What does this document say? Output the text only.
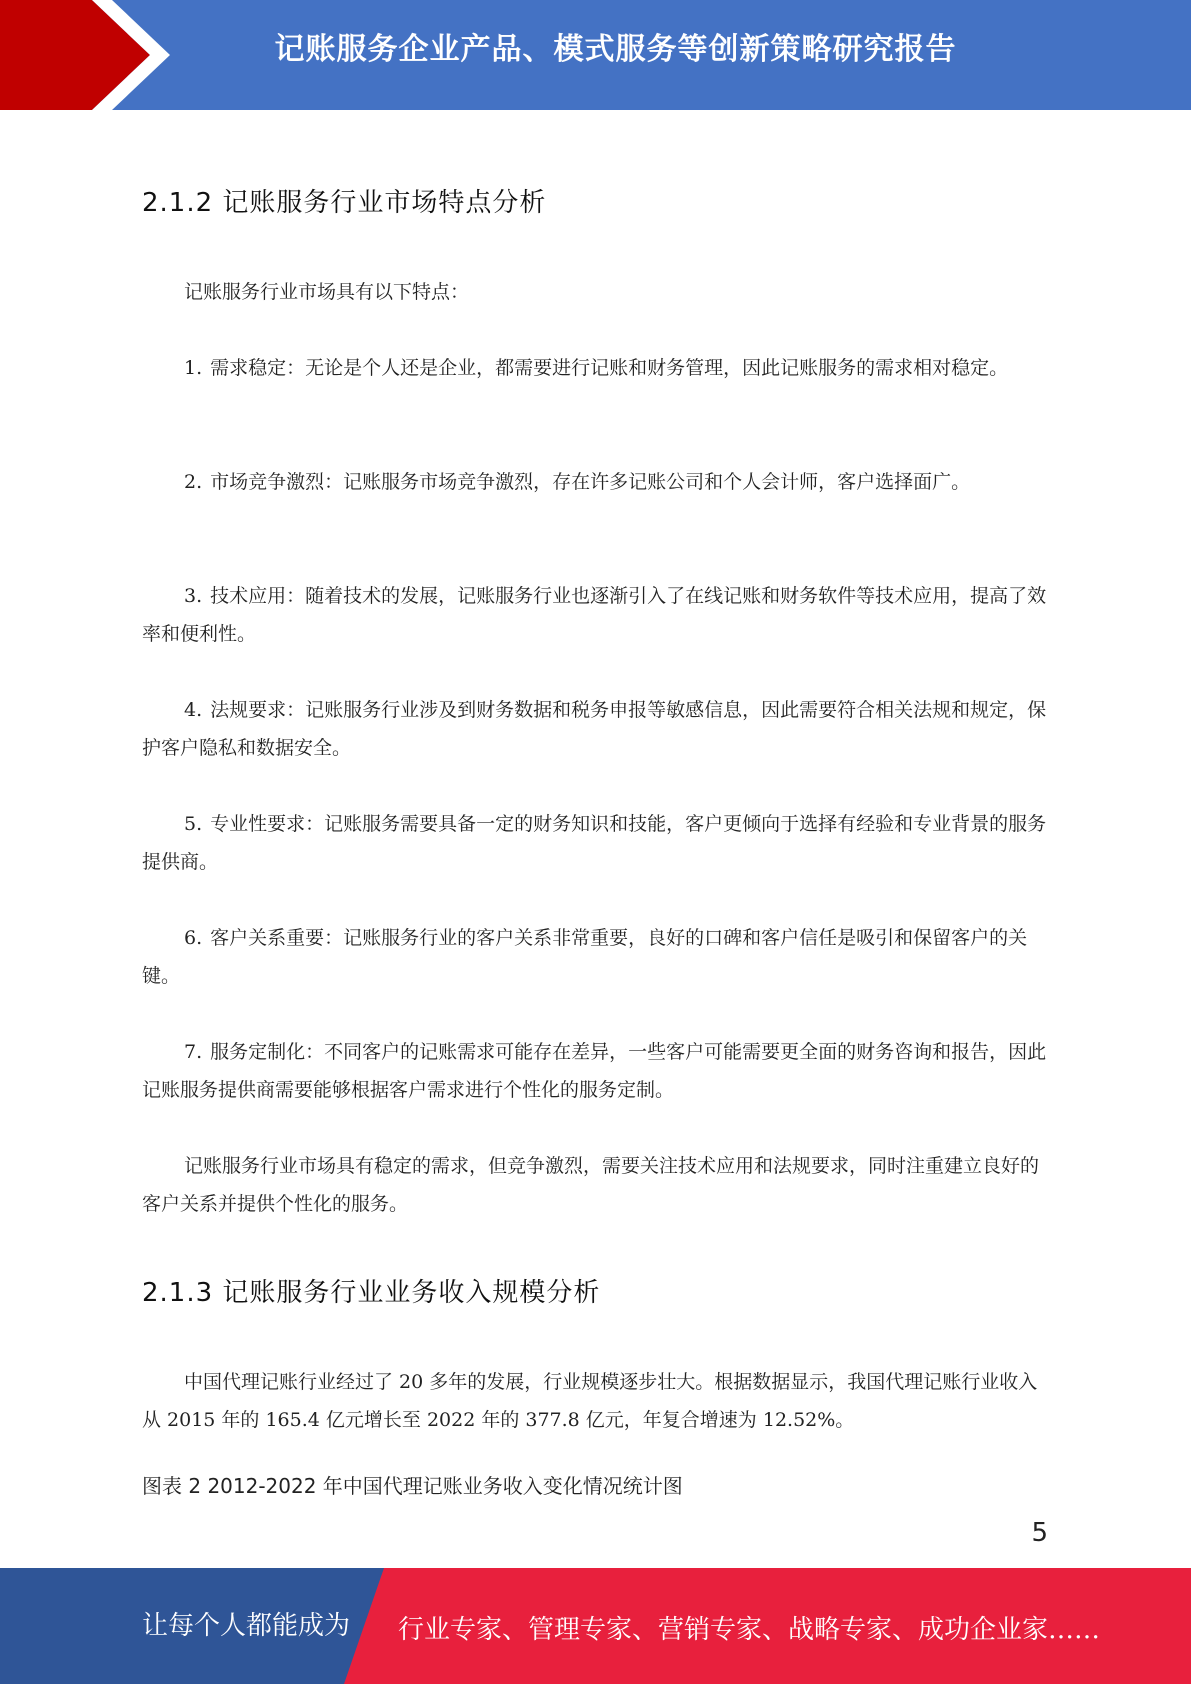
记账服务企业产品、模式服务等创新策略研究报告
2.1.2 记账服务行业市场特点分析

记账服务行业市场具有以下特点：

1. 需求稳定：无论是个人还是企业，都需要进行记账和财务管理，因此记账服务的需求相对稳定。

2. 市场竞争激烈：记账服务市场竞争激烈，存在许多记账公司和个人会计师，客户选择面广。

3. 技术应用：随着技术的发展，记账服务行业也逐渐引入了在线记账和财务软件等技术应用，提高了效率和便利性。

4. 法规要求：记账服务行业涉及到财务数据和税务申报等敏感信息，因此需要符合相关法规和规定，保护客户隐私和数据安全。

5. 专业性要求：记账服务需要具备一定的财务知识和技能，客户更倾向于选择有经验和专业背景的服务提供商。

6. 客户关系重要：记账服务行业的客户关系非常重要，良好的口碑和客户信任是吸引和保留客户的关键。

7. 服务定制化：不同客户的记账需求可能存在差异，一些客户可能需要更全面的财务咨询和报告，因此记账服务提供商需要能够根据客户需求进行个性化的服务定制。

记账服务行业市场具有稳定的需求，但竞争激烈，需要关注技术应用和法规要求，同时注重建立良好的客户关系并提供个性化的服务。

2.1.3 记账服务行业业务收入规模分析

中国代理记账行业经过了 20 多年的发展，行业规模逐步壮大。根据数据显示，我国代理记账行业收入从 2015 年的 165.4 亿元增长至 2022 年的 377.8 亿元，年复合增速为 12.52%。

图表 2 2012-2022 年中国代理记账业务收入变化情况统计图
5
让每个人都能成为 行业专家、管理专家、营销专家、战略专家、成功企业家……
